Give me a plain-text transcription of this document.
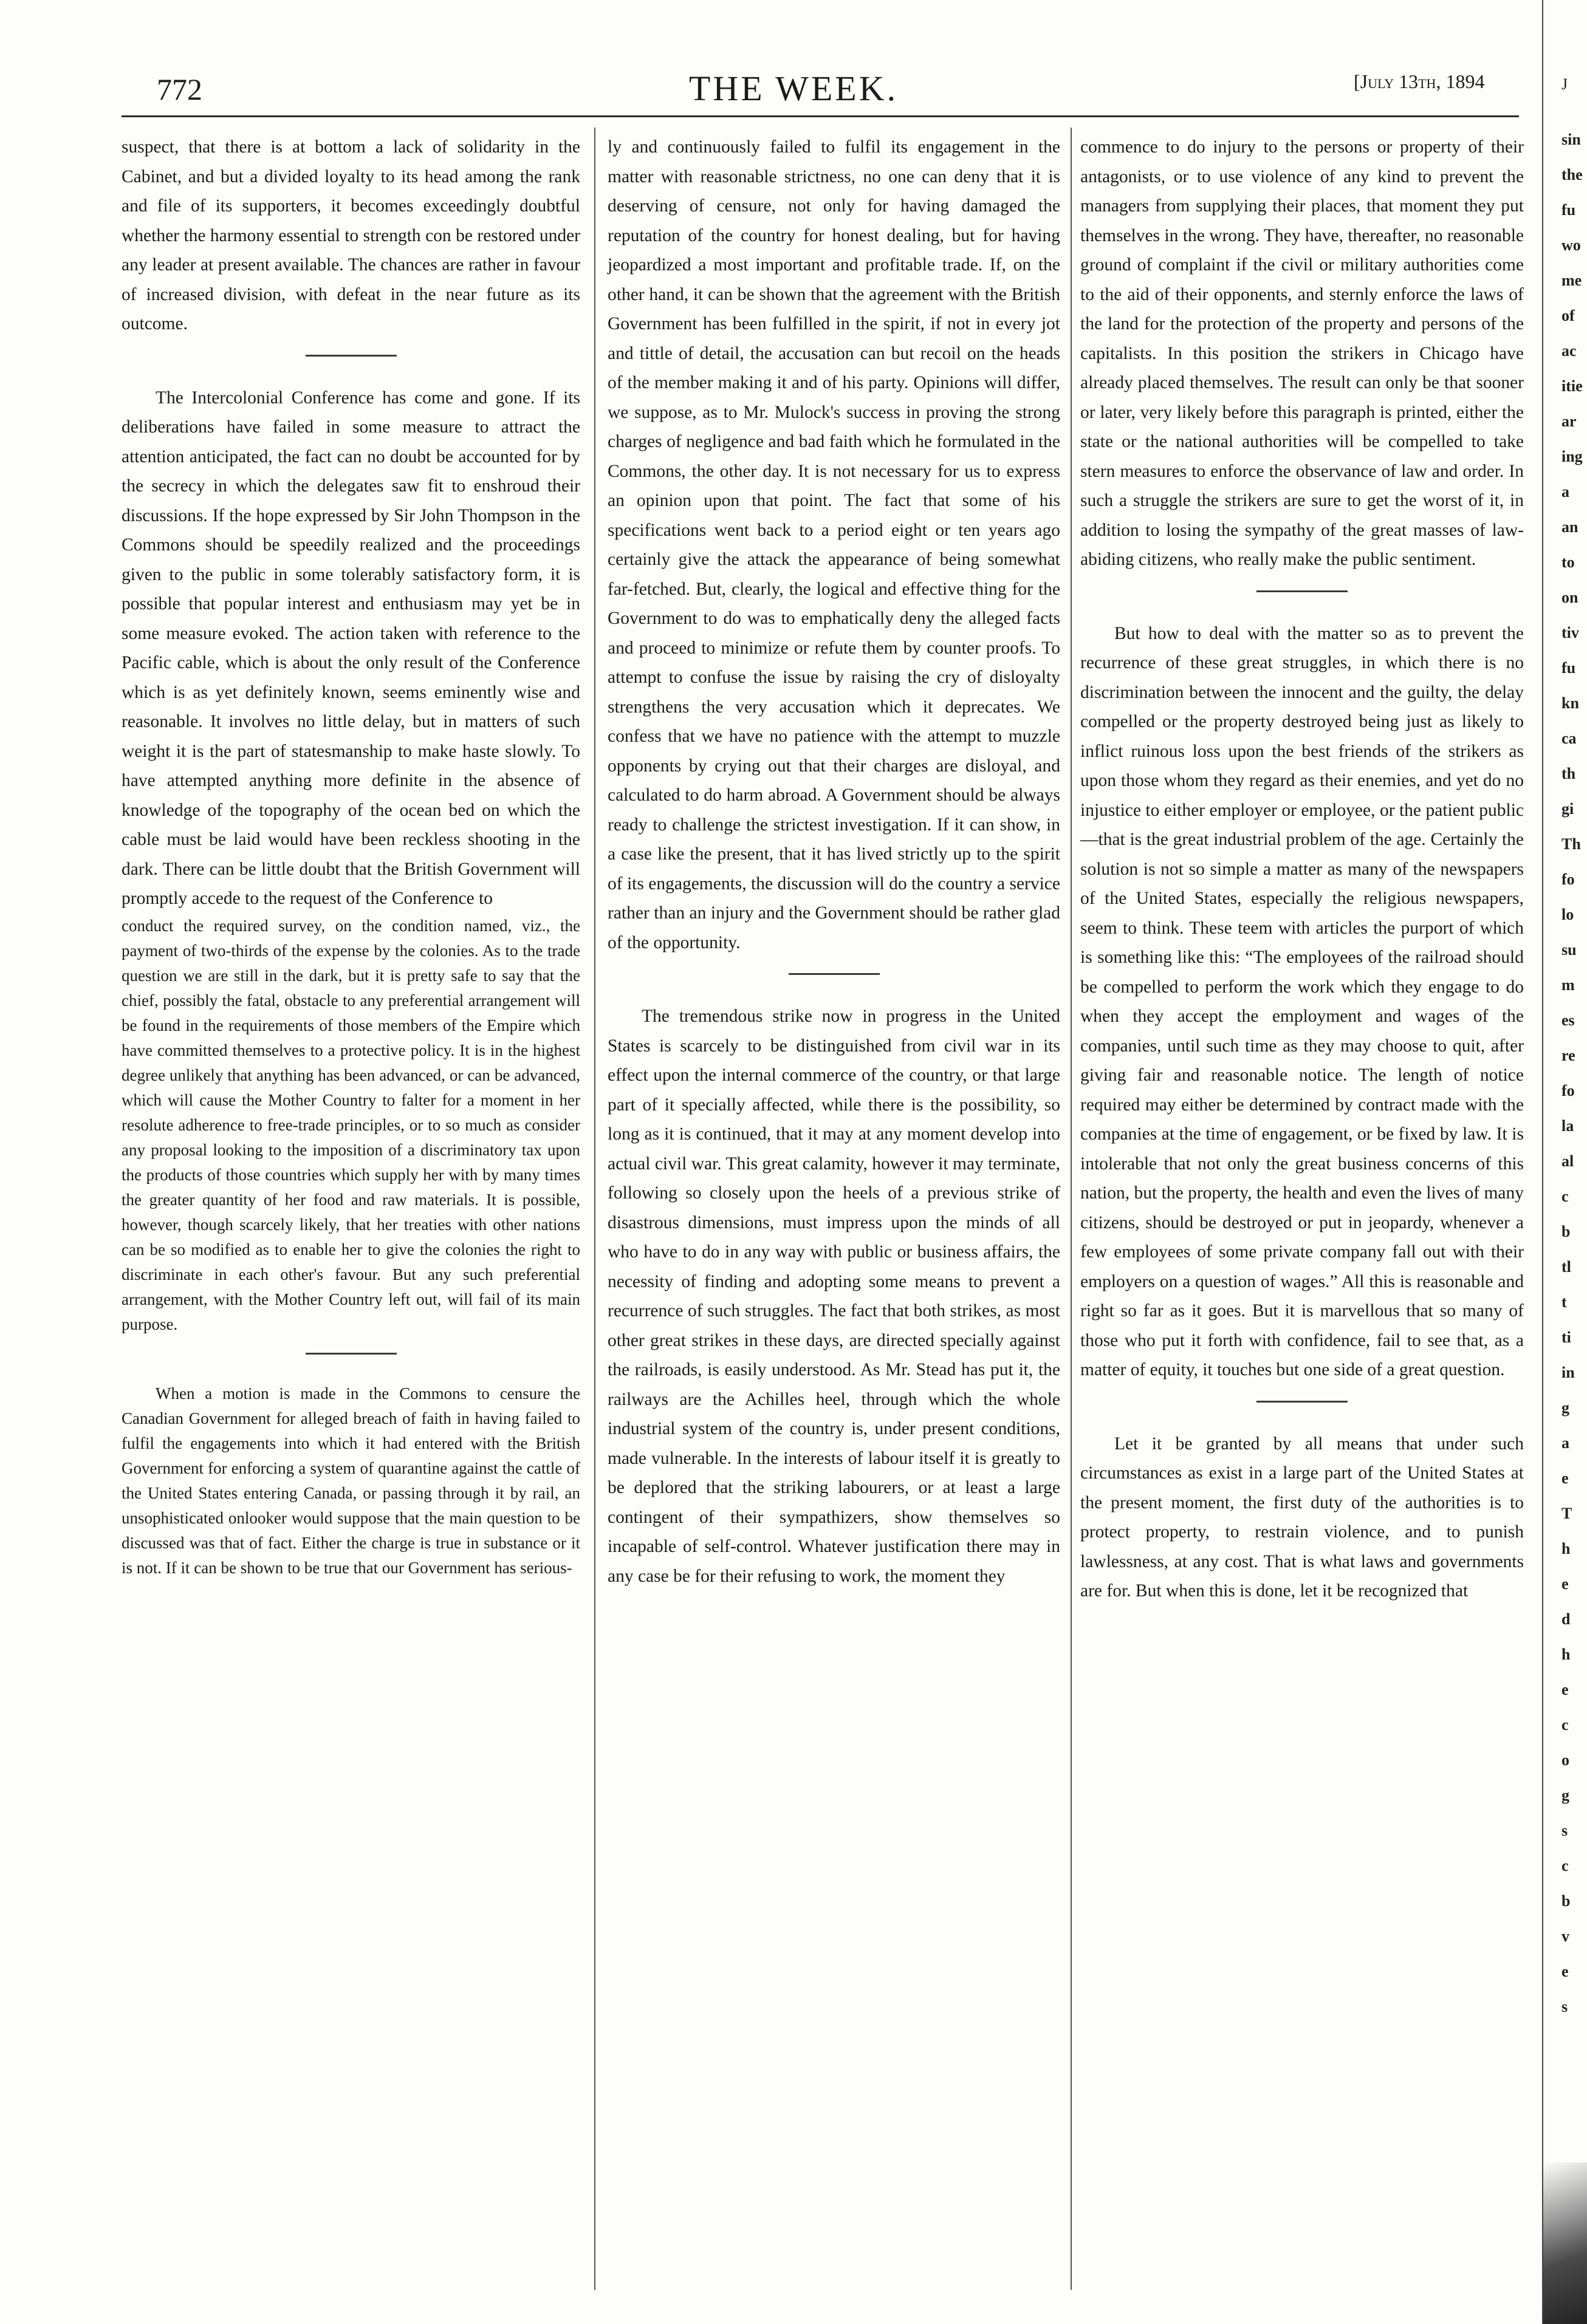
772	THE WEEK.	[July 13th, 1894

suspect, that there is at bottom a lack of solidarity in the Cabinet, and but a divided loyalty to its head among the rank and file of its supporters, it becomes exceedingly doubtful whether the harmony essential to strength con be restored under any leader at present available. The chances are rather in favour of increased division, with defeat in the near future as its outcome.

The Intercolonial Conference has come and gone. If its deliberations have failed in some measure to attract the attention anticipated, the fact can no doubt be accounted for by the secrecy in which the delegates saw fit to enshroud their discussions. If the hope expressed by Sir John Thompson in the Commons should be speedily realized and the proceedings given to the public in some tolerably satisfactory form, it is possible that popular interest and enthusiasm may yet be in some measure evoked. The action taken with reference to the Pacific cable, which is about the only result of the Conference which is as yet definitely known, seems eminently wise and reasonable. It involves no little delay, but in matters of such weight it is the part of statesmanship to make haste slowly. To have attempted anything more definite in the absence of knowledge of the topography of the ocean bed on which the cable must be laid would have been reckless shooting in the dark. There can be little doubt that the British Government will promptly accede to the request of the Conference to

conduct the required survey, on the condition named, viz., the payment of two-thirds of the expense by the colonies. As to the trade question we are still in the dark, but it is pretty safe to say that the chief, possibly the fatal, obstacle to any preferential arrangement will be found in the requirements of those members of the Empire which have committed themselves to a protective policy. It is in the highest degree unlikely that anything has been advanced, or can be advanced, which will cause the Mother Country to falter for a moment in her resolute adherence to free-trade principles, or to so much as consider any proposal looking to the imposition of a discriminatory tax upon the products of those countries which supply her with by many times the greater quantity of her food and raw materials. It is possible, however, though scarcely likely, that her treaties with other nations can be so modified as to enable her to give the colonies the right to discriminate in each other's favour. But any such preferential arrangement, with the Mother Country left out, will fail of its main purpose.

When a motion is made in the Commons to censure the Canadian Government for alleged breach of faith in having failed to fulfil the engagements into which it had entered with the British Government for enforcing a system of quarantine against the cattle of the United States entering Canada, or passing through it by rail, an unsophisticated onlooker would suppose that the main question to be discussed was that of fact. Either the charge is true in substance or it is not. If it can be shown to be true that our Government has serious-

ly and continuously failed to fulfil its engagement in the matter with reasonable strictness, no one can deny that it is deserving of censure, not only for having damaged the reputation of the country for honest dealing, but for having jeopardized a most important and profitable trade. If, on the other hand, it can be shown that the agreement with the British Government has been fulfilled in the spirit, if not in every jot and tittle of detail, the accusation can but recoil on the heads of the member making it and of his party. Opinions will differ, we suppose, as to Mr. Mulock's success in proving the strong charges of negligence and bad faith which he formulated in the Commons, the other day. It is not necessary for us to express an opinion upon that point. The fact that some of his specifications went back to a period eight or ten years ago certainly give the attack the appearance of being somewhat far-fetched. But, clearly, the logical and effective thing for the Government to do was to emphatically deny the alleged facts and proceed to minimize or refute them by counter proofs. To attempt to confuse the issue by raising the cry of disloyalty strengthens the very accusation which it deprecates. We confess that we have no patience with the attempt to muzzle opponents by crying out that their charges are disloyal, and calculated to do harm abroad. A Government should be always ready to challenge the strictest investigation. If it can show, in a case like the present, that it has lived strictly up to the spirit of its engagements, the discussion will do the country a service rather than an injury and the Government should be rather glad of the opportunity.

The tremendous strike now in progress in the United States is scarcely to be distinguished from civil war in its effect upon the internal commerce of the country, or that large part of it specially affected, while there is the possibility, so long as it is continued, that it may at any moment develop into actual civil war. This great calamity, however it may terminate, following so closely upon the heels of a previous strike of disastrous dimensions, must impress upon the minds of all who have to do in any way with public or business affairs, the necessity of finding and adopting some means to prevent a recurrence of such struggles. The fact that both strikes, as most other great strikes in these days, are directed specially against the railroads, is easily understood. As Mr. Stead has put it, the railways are the Achilles heel, through which the whole industrial system of the country is, under present conditions, made vulnerable. In the interests of labour itself it is greatly to be deplored that the striking labourers, or at least a large contingent of their sympathizers, show themselves so incapable of self-control. Whatever justification there may in any case be for their refusing to work, the moment they

commence to do injury to the persons or property of their antagonists, or to use violence of any kind to prevent the managers from supplying their places, that moment they put themselves in the wrong. They have, thereafter, no reasonable ground of complaint if the civil or military authorities come to the aid of their opponents, and sternly enforce the laws of the land for the protection of the property and persons of the capitalists. In this position the strikers in Chicago have already placed themselves. The result can only be that sooner or later, very likely before this paragraph is printed, either the state or the national authorities will be compelled to take stern measures to enforce the observance of law and order. In such a struggle the strikers are sure to get the worst of it, in addition to losing the sympathy of the great masses of law-abiding citizens, who really make the public sentiment.

But how to deal with the matter so as to prevent the recurrence of these great struggles, in which there is no discrimination between the innocent and the guilty, the delay compelled or the property destroyed being just as likely to inflict ruinous loss upon the best friends of the strikers as upon those whom they regard as their enemies, and yet do no injustice to either employer or employee, or the patient public—that is the great industrial problem of the age. Certainly the solution is not so simple a matter as many of the newspapers of the United States, especially the religious newspapers, seem to think. These teem with articles the purport of which is something like this: “The employees of the railroad should be compelled to perform the work which they engage to do when they accept the employment and wages of the companies, until such time as they may choose to quit, after giving fair and reasonable notice. The length of notice required may either be determined by contract made with the companies at the time of engagement, or be fixed by law. It is intolerable that not only the great business concerns of this nation, but the property, the health and even the lives of many citizens, should be destroyed or put in jeopardy, whenever a few employees of some private company fall out with their employers on a question of wages.” All this is reasonable and right so far as it goes. But it is marvellous that so many of those who put it forth with confidence, fail to see that, as a matter of equity, it touches but one side of a great question.

Let it be granted by all means that under such circumstances as exist in a large part of the United States at the present moment, the first duty of the authorities is to protect property, to restrain violence, and to punish lawlessness, at any cost. That is what laws and governments are for. But when this is done, let it be recognized that

J
sin
the
fu
wo
me
of
ac
itie
ar
ing
a
an
to
on
tiv
fu
kn
ca
th
gi
Th
fo
lo
su
m
es
re
fo
la
al
c
b
tl
t
ti
in
g
a
e
T
h
e
d
h
e
c
o
g
s
c
b
v
e
s
